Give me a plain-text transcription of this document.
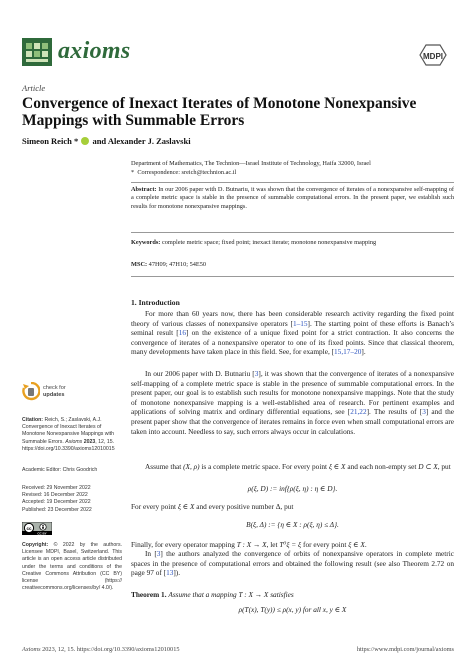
axioms	MDPI
Article
Convergence of Inexact Iterates of Monotone Nonexpansive Mappings with Summable Errors
Simeon Reich *  and Alexander J. Zaslavski
Department of Mathematics, The Technion—Israel Institute of Technology, Haifa 32000, Israel
* Correspondence: sreich@technion.ac.il
Abstract: In our 2006 paper with D. Butnariu, it was shown that the convergence of iterates of a nonexpansive self-mapping of a complete metric space is stable in the presence of summable computational errors. In the present paper, we establish such results for monotone nonexpansive mappings.
Keywords: complete metric space; fixed point; inexact iterate; monotone nonexpansive mapping
MSC: 47H09; 47H10; 54E50
1. Introduction
For more than 60 years now, there has been considerable research activity regarding the fixed point theory of various classes of nonexpansive operators [1–15]. The starting point of these efforts is Banach’s seminal result [16] on the existence of a unique fixed point for a strict contraction. It also concerns the convergence of iterates of a nonexpansive operator to one of its fixed points. Since that classical theorem, many developments have taken place in this field. See, for example, [15,17–20].
In our 2006 paper with D. Butnariu [3], it was shown that the convergence of iterates of a nonexpansive self-mapping of a complete metric space is stable in the presence of summable computational errors. In the present paper, our goal is to establish such results for monotone nonexpansive mappings. Note that the study of monotone nonexpansive mapping is a well-established area of research. For pertinent examples and applications of solving matrix and ordinary differential equations, see [21,22]. The results of [3] and the present paper show that the convergence of iterates remains in force even when small computational errors are taken into account. Needless to say, such errors always occur in calculations.
Assume that (X, ρ) is a complete metric space. For every point ξ ∈ X and each non-empty set D ⊂ X, put
ρ(ξ, D) := inf{ρ(ξ, η) : η ∈ D}.
For every point ξ ∈ X and every positive number Δ, put
B(ξ, Δ) := {η ∈ X : ρ(ξ, η) ≤ Δ}.
Finally, for every operator mapping T : X → X, let T⁰ξ = ξ for every point ξ ∈ X.
In [3] the authors analyzed the convergence of orbits of nonexpansive operators in complete metric spaces in the presence of computational errors and obtained the following result (see also Theorem 2.72 on page 97 of [13]).
Theorem 1. Assume that a mapping T : X → X satisfies
ρ(T(x), T(y)) ≤ ρ(x, y) for all x, y ∈ X
check for
updates
Citation: Reich, S.; Zaslavski, A.J. Convergence of Inexact Iterates of Monotone Nonexpansive Mappings with Summable Errors. Axioms 2023, 12, 15. https://doi.org/10.3390/axioms12010015
Academic Editor: Chris Goodrich
Received: 29 November 2022
Revised: 16 December 2022
Accepted: 19 December 2022
Published: 23 December 2022
cc
CC BY
Copyright: © 2022 by the authors. Licensee MDPI, Basel, Switzerland. This article is an open access article distributed under the terms and conditions of the Creative Commons Attribution (CC BY) license (https:// creativecommons.org/licenses/by/ 4.0/).
Axioms 2023, 12, 15. https://doi.org/10.3390/axioms12010015	https://www.mdpi.com/journal/axioms
